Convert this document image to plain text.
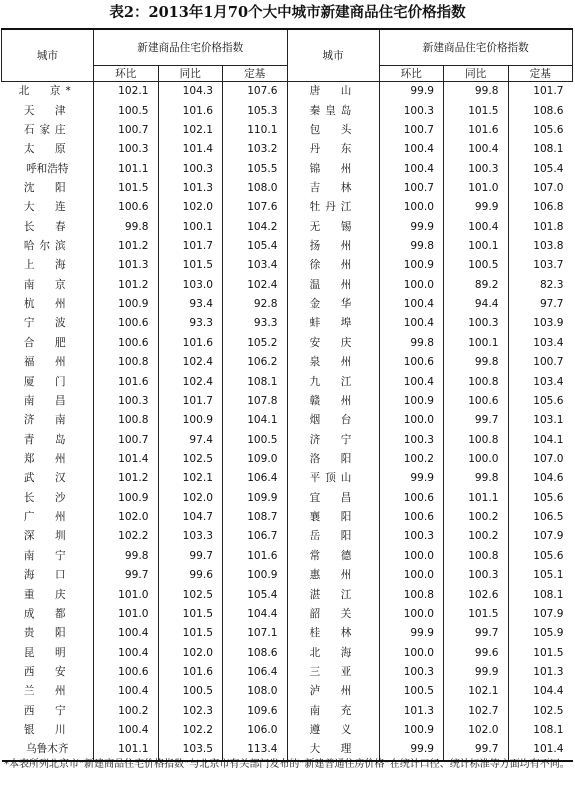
表2：2013年1月70个大中城市新建商品住宅价格指数
城市	新建商品住宅价格指数			城市	新建商品住宅价格指数		
	环比	同比	定基		环比	同比	定基
北　京*	102.1	104.3	107.6	唐　山	99.9	99.8	101.7
天　津	100.5	101.6	105.3	秦皇岛	100.3	101.5	108.6
石家庄	100.7	102.1	110.1	包　头	100.7	101.6	105.6
太　原	100.3	101.4	103.2	丹　东	100.4	100.4	108.1
呼和浩特	101.1	100.3	105.5	锦　州	100.4	100.3	105.4
沈　阳	101.5	101.3	108.0	吉　林	100.7	101.0	107.0
大　连	100.6	102.0	107.6	牡丹江	100.0	99.9	106.8
长　春	99.8	100.1	104.2	无　锡	99.9	100.4	101.8
哈尔滨	101.2	101.7	105.4	扬　州	99.8	100.1	103.8
上　海	101.3	101.5	103.4	徐　州	100.9	100.5	103.7
南　京	101.2	103.0	102.4	温　州	100.0	89.2	82.3
杭　州	100.9	93.4	92.8	金　华	100.4	94.4	97.7
宁　波	100.6	93.3	93.3	蚌　埠	100.4	100.3	103.9
合　肥	100.6	101.6	105.2	安　庆	99.8	100.1	103.4
福　州	100.8	102.4	106.2	泉　州	100.6	99.8	100.7
厦　门	101.6	102.4	108.1	九　江	100.4	100.8	103.4
南　昌	100.3	101.7	107.8	赣　州	100.9	100.6	105.6
济　南	100.8	100.9	104.1	烟　台	100.0	99.7	103.1
青　岛	100.7	97.4	100.5	济　宁	100.3	100.8	104.1
郑　州	101.4	102.5	109.0	洛　阳	100.2	100.0	107.0
武　汉	101.2	102.1	106.4	平顶山	99.9	99.8	104.6
长　沙	100.9	102.0	109.9	宜　昌	100.6	101.1	105.6
广　州	102.0	104.7	108.7	襄　阳	100.6	100.2	106.5
深　圳	102.2	103.3	106.7	岳　阳	100.3	100.2	107.9
南　宁	99.8	99.7	101.6	常　德	100.0	100.8	105.6
海　口	99.7	99.6	100.9	惠　州	100.0	100.3	105.1
重　庆	101.0	102.5	105.4	湛　江	100.8	102.6	108.1
成　都	101.0	101.5	104.4	韶　关	100.0	101.5	107.9
贵　阳	100.4	101.5	107.1	桂　林	99.9	99.7	105.9
昆　明	100.4	102.0	108.6	北　海	100.0	99.6	101.5
西　安	100.6	101.6	106.4	三　亚	100.3	99.9	101.3
兰　州	100.4	100.5	108.0	泸　州	100.5	102.1	104.4
西　宁	100.2	102.3	109.6	南　充	101.3	102.7	102.5
银　川	100.4	102.2	106.0	遵　义	100.9	102.0	108.1
乌鲁木齐	101.1	103.5	113.4	大　理	99.9	99.7	101.4
*本表所列北京市“新建商品住宅价格指数”与北京市有关部门发布的“新建普通住房价格”在统计口径、统计标准等方面均有不同。
